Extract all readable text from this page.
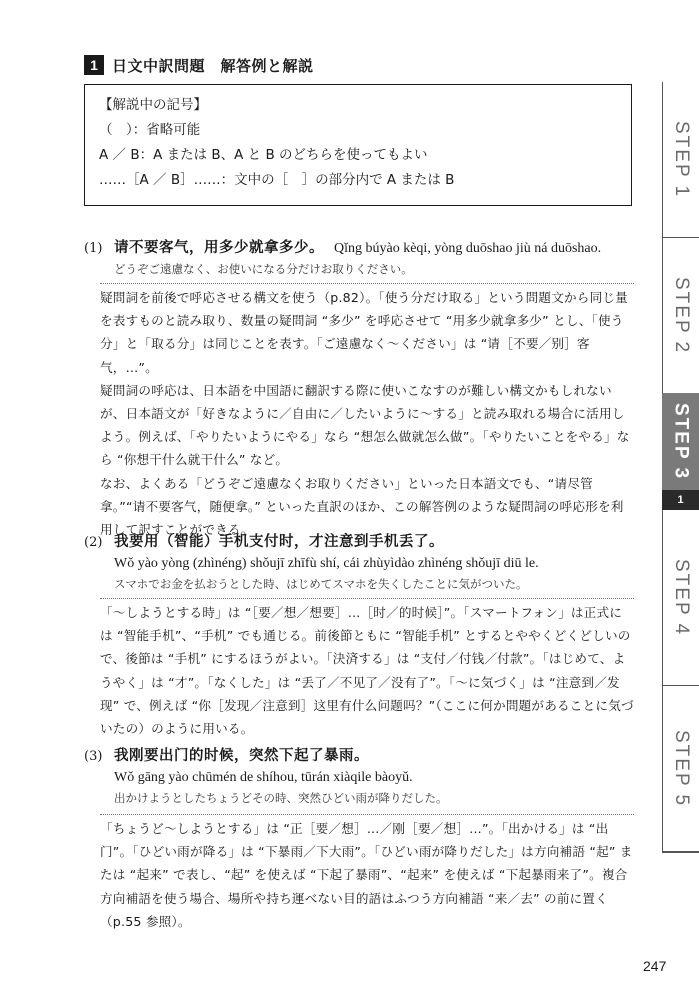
1 日文中訳問題　解答例と解説
【解説中の記号】
（　）：省略可能
A ／ B：A または B、A と B のどちらを使ってもよい
……［A ／ B］……：文中の［　］の部分内で A または B
(1) 请不要客气，用多少就拿多少。 Qǐng búyào kèqi, yòng duōshao jiù ná duōshao.
どうぞご遠慮なく、お使いになる分だけお取りください。

疑問詞を前後で呼応させる構文を使う（p.82）。「使う分だけ取る」という問題文から同じ量を表すものと読み取り、数量の疑問詞 “多少” を呼応させて “用多少就拿多少” とし、「使う分」と「取る分」は同じことを表す。「ご遠慮なく～ください」は “请［不要／别］客气，…”。

疑問詞の呼応は、日本語を中国語に翻訳する際に使いこなすのが難しい構文かもしれないが、日本語文が「好きなように／自由に／したいように～する」と読み取れる場合に活用しよう。例えば、「やりたいようにやる」なら “想怎么做就怎么做”。「やりたいことをやる」なら “你想干什么就干什么” など。

なお、よくある「どうぞご遠慮なくお取りください」といった日本語文でも、“请尽管拿。”“请不要客气，随便拿。” といった直訳のほか、この解答例のような疑問詞の呼応形を利用して訳すことができる。

(2) 我要用（智能）手机支付时，才注意到手机丢了。
Wǒ yào yòng (zhìnéng) shǒujī zhīfù shí, cái zhùyìdào zhìnéng shǒujī diū le.
スマホでお金を払おうとした時、はじめてスマホを失くしたことに気がついた。

「～しようとする時」は “［要／想／想要］…［时／的时候］”。「スマートフォン」は正式には “智能手机”、“手机” でも通じる。前後節ともに “智能手机” とするとややくどくどしいので、後節は “手机” にするほうがよい。「決済する」は “支付／付钱／付款”。「はじめて、ようやく」は “才”。「なくした」は “丢了／不见了／没有了”。「～に気づく」は “注意到／发现” で、例えば “你［发现／注意到］这里有什么问题吗？”（ここに何か問題があることに気づいたの）のように用いる。

(3) 我刚要出门的时候，突然下起了暴雨。
Wǒ gāng yào chūmén de shíhou, tūrán xiàqile bàoyǔ.
出かけようとしたちょうどその時、突然ひどい雨が降りだした。

「ちょうど～しようとする」は “正［要／想］…／刚［要／想］…”。「出かける」は “出门”。「ひどい雨が降る」は “下暴雨／下大雨”。「ひどい雨が降りだした」は方向補語 “起” または “起来” で表し、“起” を使えば “下起了暴雨”、“起来” を使えば “下起暴雨来了”。複合方向補語を使う場合、場所や持ち運べない目的語はふつう方向補語 “来／去” の前に置く（p.55 参照）。

STEP 1
STEP 2
STEP 3
1
STEP 4
STEP 5
247
